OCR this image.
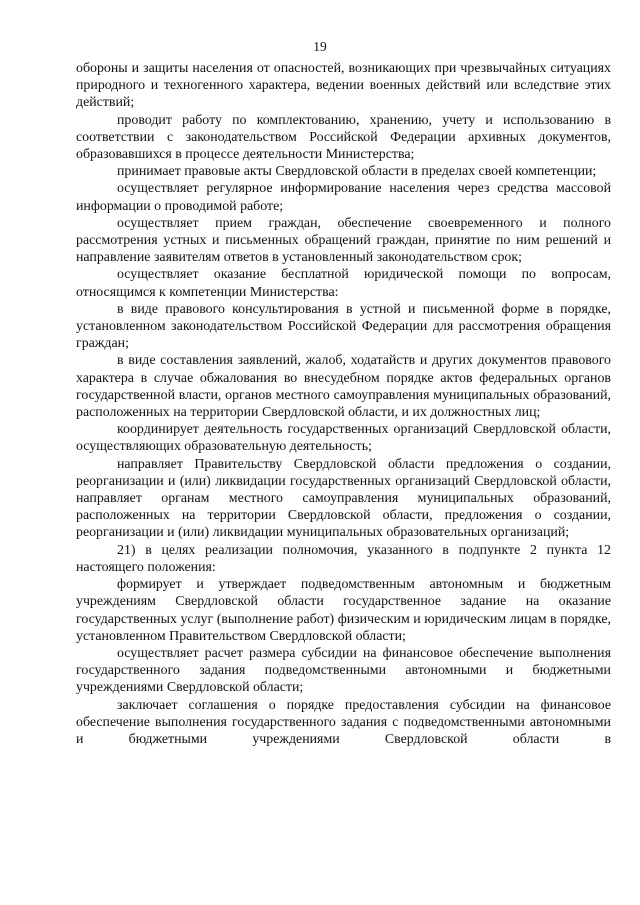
19

обороны и защиты населения от опасностей, возникающих при чрезвычайных ситуациях природного и техногенного характера, ведении военных действий или вследствие этих действий;

проводит работу по комплектованию, хранению, учету и использованию в соответствии с законодательством Российской Федерации архивных документов, образовавшихся в процессе деятельности Министерства;

принимает правовые акты Свердловской области в пределах своей компетенции;

осуществляет регулярное информирование населения через средства массовой информации о проводимой работе;

осуществляет прием граждан, обеспечение своевременного и полного рассмотрения устных и письменных обращений граждан, принятие по ним решений и направление заявителям ответов в установленный законодательством срок;

осуществляет оказание бесплатной юридической помощи по вопросам, относящимся к компетенции Министерства:

в виде правового консультирования в устной и письменной форме в порядке, установленном законодательством Российской Федерации для рассмотрения обращения граждан;

в виде составления заявлений, жалоб, ходатайств и других документов правового характера в случае обжалования во внесудебном порядке актов федеральных органов государственной власти, органов местного самоуправления муниципальных образований, расположенных на территории Свердловской области, и их должностных лиц;

координирует деятельность государственных организаций Свердловской области, осуществляющих образовательную деятельность;

направляет Правительству Свердловской области предложения о создании, реорганизации и (или) ликвидации государственных организаций Свердловской области, направляет органам местного самоуправления муниципальных образований, расположенных на территории Свердловской области, предложения о создании, реорганизации и (или) ликвидации муниципальных образовательных организаций;

21) в целях реализации полномочия, указанного в подпункте 2 пункта 12 настоящего положения:

формирует и утверждает подведомственным автономным и бюджетным учреждениям Свердловской области государственное задание на оказание государственных услуг (выполнение работ) физическим и юридическим лицам в порядке, установленном Правительством Свердловской области;

осуществляет расчет размера субсидии на финансовое обеспечение выполнения государственного задания подведомственными автономными и бюджетными учреждениями Свердловской области;

заключает соглашения о порядке предоставления субсидии на финансовое обеспечение выполнения государственного задания с подведомственными автономными и бюджетными учреждениями Свердловской области в
